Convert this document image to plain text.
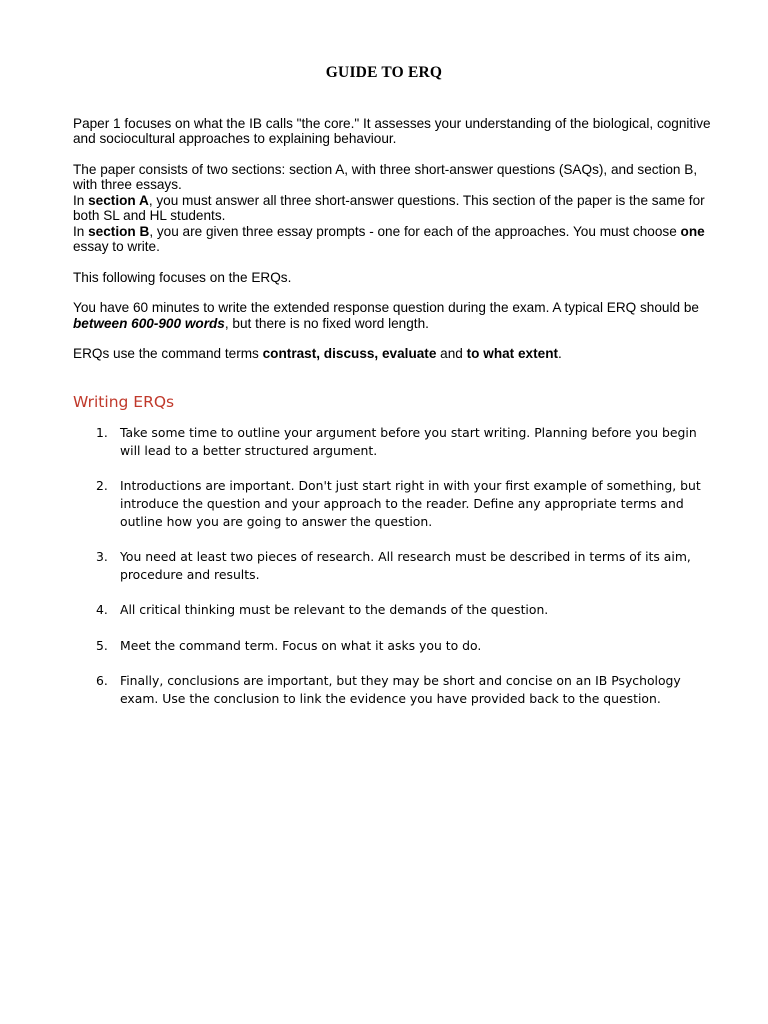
GUIDE TO ERQ

Paper 1 focuses on what the IB calls "the core." It assesses your understanding of the biological, cognitive and sociocultural approaches to explaining behaviour.

The paper consists of two sections: section A, with three short-answer questions (SAQs), and section B, with three essays.

In section A, you must answer all three short-answer questions. This section of the paper is the same for both SL and HL students.

In section B, you are given three essay prompts - one for each of the approaches. You must choose one essay to write.

This following focuses on the ERQs.

You have 60 minutes to write the extended response question during the exam. A typical ERQ should be between 600-900 words, but there is no fixed word length.

ERQs use the command terms contrast, discuss, evaluate and to what extent.

Writing ERQs
1. Take some time to outline your argument before you start writing. Planning before you begin will lead to a better structured argument.
2. Introductions are important. Don't just start right in with your first example of something, but introduce the question and your approach to the reader. Define any appropriate terms and outline how you are going to answer the question.
3. You need at least two pieces of research. All research must be described in terms of its aim, procedure and results.
4. All critical thinking must be relevant to the demands of the question.
5. Meet the command term. Focus on what it asks you to do.
6. Finally, conclusions are important, but they may be short and concise on an IB Psychology exam. Use the conclusion to link the evidence you have provided back to the question.
